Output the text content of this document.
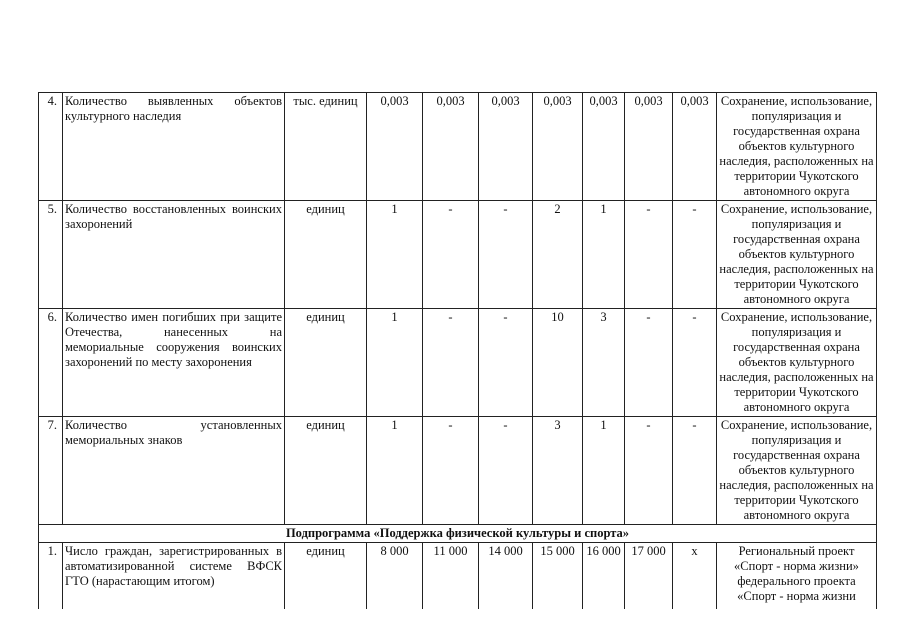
4.	Количество выявленных объектов культурного наследия	тыс. единиц	0,003	0,003	0,003	0,003	0,003	0,003	0,003	Сохранение, использование, популяризация и государственная охрана объектов культурного наследия, расположенных на территории Чукотского автономного округа
5.	Количество восстановленных воинских захоронений	единиц	1	-	-	2	1	-	-	Сохранение, использование, популяризация и государственная охрана объектов культурного наследия, расположенных на территории Чукотского автономного округа
6.	Количество имен погибших при защите Отечества, нанесенных на мемориальные сооружения воинских захоронений по месту захоронения	единиц	1	-	-	10	3	-	-	Сохранение, использование, популяризация и государственная охрана объектов культурного наследия, расположенных на территории Чукотского автономного округа
7.	Количество установленных мемориальных знаков	единиц	1	-	-	3	1	-	-	Сохранение, использование, популяризация и государственная охрана объектов культурного наследия, расположенных на территории Чукотского автономного округа
Подпрограмма «Поддержка физической культуры и спорта»										
1.	Число граждан, зарегистрированных в автоматизированной системе ВФСК ГТО (нарастающим итогом)	единиц	8 000	11 000	14 000	15 000	16 000	17 000	х	Региональный проект «Спорт - норма жизни» федерального проекта «Спорт - норма жизни
